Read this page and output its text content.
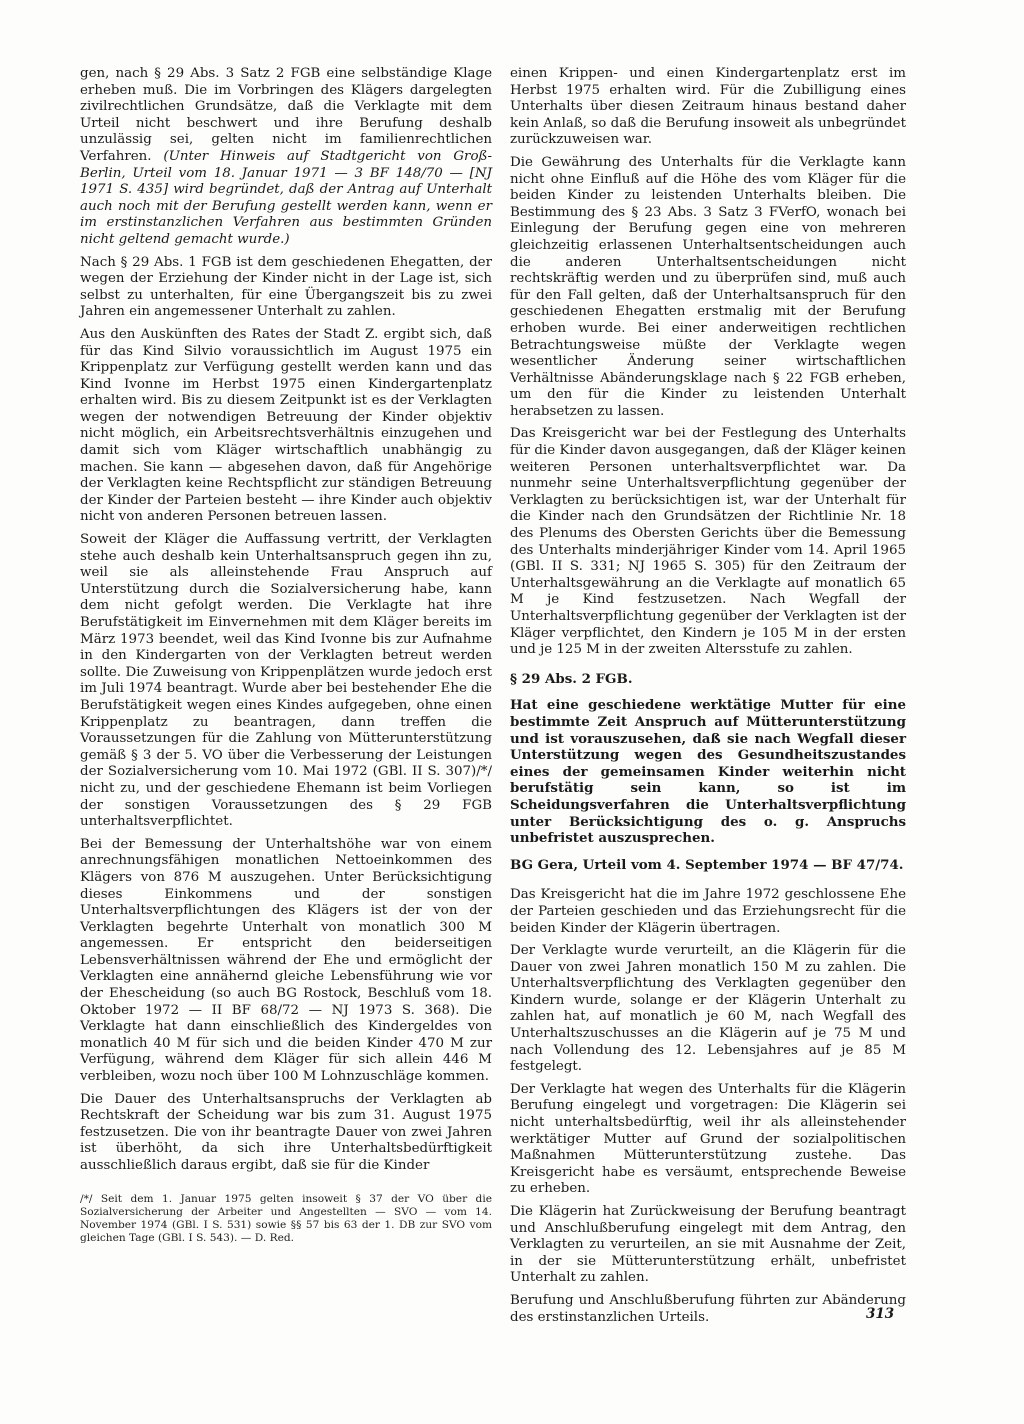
gen, nach § 29 Abs. 3 Satz 2 FGB eine selbständige Klage erheben muß. Die im Vorbringen des Klägers dargelegten zivilrechtlichen Grundsätze, daß die Verklagte mit dem Urteil nicht beschwert und ihre Berufung deshalb unzulässig sei, gelten nicht im familienrechtlichen Verfahren. (Unter Hinweis auf Stadtgericht von Groß-Berlin, Urteil vom 18. Januar 1971 — 3 BF 148/70 — [NJ 1971 S. 435] wird begründet, daß der Antrag auf Unterhalt auch noch mit der Berufung gestellt werden kann, wenn er im erstinstanzlichen Verfahren aus bestimmten Gründen nicht geltend gemacht wurde.)

Nach § 29 Abs. 1 FGB ist dem geschiedenen Ehegatten, der wegen der Erziehung der Kinder nicht in der Lage ist, sich selbst zu unterhalten, für eine Übergangszeit bis zu zwei Jahren ein angemessener Unterhalt zu zahlen.

Aus den Auskünften des Rates der Stadt Z. ergibt sich, daß für das Kind Silvio voraussichtlich im August 1975 ein Krippenplatz zur Verfügung gestellt werden kann und das Kind Ivonne im Herbst 1975 einen Kindergartenplatz erhalten wird. Bis zu diesem Zeitpunkt ist es der Verklagten wegen der notwendigen Betreuung der Kinder objektiv nicht möglich, ein Arbeitsrechtsverhältnis einzugehen und damit sich vom Kläger wirtschaftlich unabhängig zu machen. Sie kann — abgesehen davon, daß für Angehörige der Verklagten keine Rechtspflicht zur ständigen Betreuung der Kinder der Parteien besteht — ihre Kinder auch objektiv nicht von anderen Personen betreuen lassen.

Soweit der Kläger die Auffassung vertritt, der Verklagten stehe auch deshalb kein Unterhaltsanspruch gegen ihn zu, weil sie als alleinstehende Frau Anspruch auf Unterstützung durch die Sozialversicherung habe, kann dem nicht gefolgt werden. Die Verklagte hat ihre Berufstätigkeit im Einvernehmen mit dem Kläger bereits im März 1973 beendet, weil das Kind Ivonne bis zur Aufnahme in den Kindergarten von der Verklagten betreut werden sollte. Die Zuweisung von Krippenplätzen wurde jedoch erst im Juli 1974 beantragt. Wurde aber bei bestehender Ehe die Berufstätigkeit wegen eines Kindes aufgegeben, ohne einen Krippenplatz zu beantragen, dann treffen die Voraussetzungen für die Zahlung von Mütterunterstützung gemäß § 3 der 5. VO über die Verbesserung der Leistungen der Sozialversicherung vom 10. Mai 1972 (GBl. II S. 307)/*/ nicht zu, und der geschiedene Ehemann ist beim Vorliegen der sonstigen Voraussetzungen des § 29 FGB unterhaltsverpflichtet.

Bei der Bemessung der Unterhaltshöhe war von einem anrechnungsfähigen monatlichen Nettoeinkommen des Klägers von 876 M auszugehen. Unter Berücksichtigung dieses Einkommens und der sonstigen Unterhaltsverpflichtungen des Klägers ist der von der Verklagten begehrte Unterhalt von monatlich 300 M angemessen. Er entspricht den beiderseitigen Lebensverhältnissen während der Ehe und ermöglicht der Verklagten eine annähernd gleiche Lebensführung wie vor der Ehescheidung (so auch BG Rostock, Beschluß vom 18. Oktober 1972 — II BF 68/72 — NJ 1973 S. 368). Die Verklagte hat dann einschließlich des Kindergeldes von monatlich 40 M für sich und die beiden Kinder 470 M zur Verfügung, während dem Kläger für sich allein 446 M verbleiben, wozu noch über 100 M Lohnzuschläge kommen.

Die Dauer des Unterhaltsanspruchs der Verklagten ab Rechtskraft der Scheidung war bis zum 31. August 1975 festzusetzen. Die von ihr beantragte Dauer von zwei Jahren ist überhöht, da sich ihre Unterhaltsbedürftigkeit ausschließlich daraus ergibt, daß sie für die Kinder

/*/ Seit dem 1. Januar 1975 gelten insoweit § 37 der VO über die Sozialversicherung der Arbeiter und Angestellten — SVO — vom 14. November 1974 (GBl. I S. 531) sowie §§ 57 bis 63 der 1. DB zur SVO vom gleichen Tage (GBl. I S. 543). — D. Red.

einen Krippen- und einen Kindergartenplatz erst im Herbst 1975 erhalten wird. Für die Zubilligung eines Unterhalts über diesen Zeitraum hinaus bestand daher kein Anlaß, so daß die Berufung insoweit als unbegründet zurückzuweisen war.

Die Gewährung des Unterhalts für die Verklagte kann nicht ohne Einfluß auf die Höhe des vom Kläger für die beiden Kinder zu leistenden Unterhalts bleiben. Die Bestimmung des § 23 Abs. 3 Satz 3 FVerfO, wonach bei Einlegung der Berufung gegen eine von mehreren gleichzeitig erlassenen Unterhaltsentscheidungen auch die anderen Unterhaltsentscheidungen nicht rechtskräftig werden und zu überprüfen sind, muß auch für den Fall gelten, daß der Unterhaltsanspruch für den geschiedenen Ehegatten erstmalig mit der Berufung erhoben wurde. Bei einer anderweitigen rechtlichen Betrachtungsweise müßte der Verklagte wegen wesentlicher Änderung seiner wirtschaftlichen Verhältnisse Abänderungsklage nach § 22 FGB erheben, um den für die Kinder zu leistenden Unterhalt herabsetzen zu lassen.

Das Kreisgericht war bei der Festlegung des Unterhalts für die Kinder davon ausgegangen, daß der Kläger keinen weiteren Personen unterhaltsverpflichtet war. Da nunmehr seine Unterhaltsverpflichtung gegenüber der Verklagten zu berücksichtigen ist, war der Unterhalt für die Kinder nach den Grundsätzen der Richtlinie Nr. 18 des Plenums des Obersten Gerichts über die Bemessung des Unterhalts minderjähriger Kinder vom 14. April 1965 (GBl. II S. 331; NJ 1965 S. 305) für den Zeitraum der Unterhaltsgewährung an die Verklagte auf monatlich 65 M je Kind festzusetzen. Nach Wegfall der Unterhaltsverpflichtung gegenüber der Verklagten ist der Kläger verpflichtet, den Kindern je 105 M in der ersten und je 125 M in der zweiten Altersstufe zu zahlen.

§ 29 Abs. 2 FGB.

Hat eine geschiedene werktätige Mutter für eine bestimmte Zeit Anspruch auf Mütterunterstützung und ist vorauszusehen, daß sie nach Wegfall dieser Unterstützung wegen des Gesundheitszustandes eines der gemeinsamen Kinder weiterhin nicht berufstätig sein kann, so ist im Scheidungsverfahren die Unterhaltsverpflichtung unter Berücksichtigung des o. g. Anspruchs unbefristet auszusprechen.

BG Gera, Urteil vom 4. September 1974 — BF 47/74.

Das Kreisgericht hat die im Jahre 1972 geschlossene Ehe der Parteien geschieden und das Erziehungsrecht für die beiden Kinder der Klägerin übertragen.

Der Verklagte wurde verurteilt, an die Klägerin für die Dauer von zwei Jahren monatlich 150 M zu zahlen. Die Unterhaltsverpflichtung des Verklagten gegenüber den Kindern wurde, solange er der Klägerin Unterhalt zu zahlen hat, auf monatlich je 60 M, nach Wegfall des Unterhaltszuschusses an die Klägerin auf je 75 M und nach Vollendung des 12. Lebensjahres auf je 85 M festgelegt.

Der Verklagte hat wegen des Unterhalts für die Klägerin Berufung eingelegt und vorgetragen: Die Klägerin sei nicht unterhaltsbedürftig, weil ihr als alleinstehender werktätiger Mutter auf Grund der sozialpolitischen Maßnahmen Mütterunterstützung zustehe. Das Kreisgericht habe es versäumt, entsprechende Beweise zu erheben.

Die Klägerin hat Zurückweisung der Berufung beantragt und Anschlußberufung eingelegt mit dem Antrag, den Verklagten zu verurteilen, an sie mit Ausnahme der Zeit, in der sie Mütterunterstützung erhält, unbefristet Unterhalt zu zahlen.

Berufung und Anschlußberufung führten zur Abänderung des erstinstanzlichen Urteils.	313
